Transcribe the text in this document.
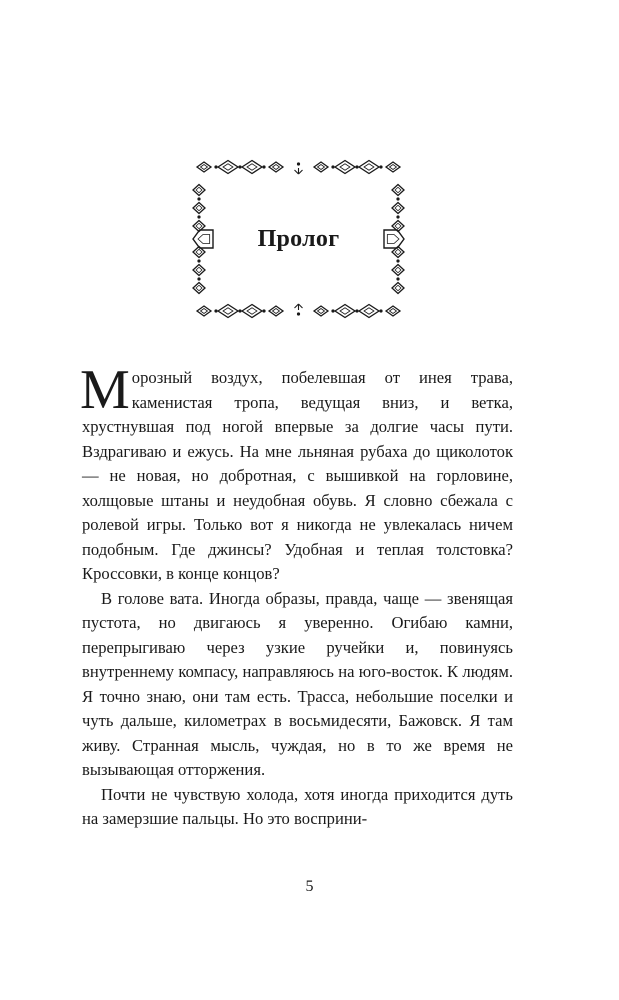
Пролог

Морозный воздух, побелевшая от инея трава, каменистая тропа, ведущая вниз, и ветка, хрустнувшая под ногой впервые за долгие часы пути. Вздрагиваю и ежусь. На мне льняная рубаха до щиколоток — не новая, но добротная, с вышивкой на горловине, холщовые штаны и неудобная обувь. Я словно сбежала с ролевой игры. Только вот я никогда не увлекалась ничем подобным. Где джинсы? Удобная и теплая толстовка? Кроссовки, в конце концов?

В голове вата. Иногда образы, правда, чаще — звенящая пустота, но двигаюсь я уверенно. Огибаю камни, перепрыгиваю через узкие ручейки и, повинуясь внутреннему компасу, направляюсь на юго-восток. К людям. Я точно знаю, они там есть. Трасса, небольшие поселки и чуть дальше, километрах в восьмидесяти, Бажовск. Я там живу. Странная мысль, чуждая, но в то же время не вызывающая отторжения.

Почти не чувствую холода, хотя иногда приходится дуть на замерзшие пальцы. Но это восприни-

5
